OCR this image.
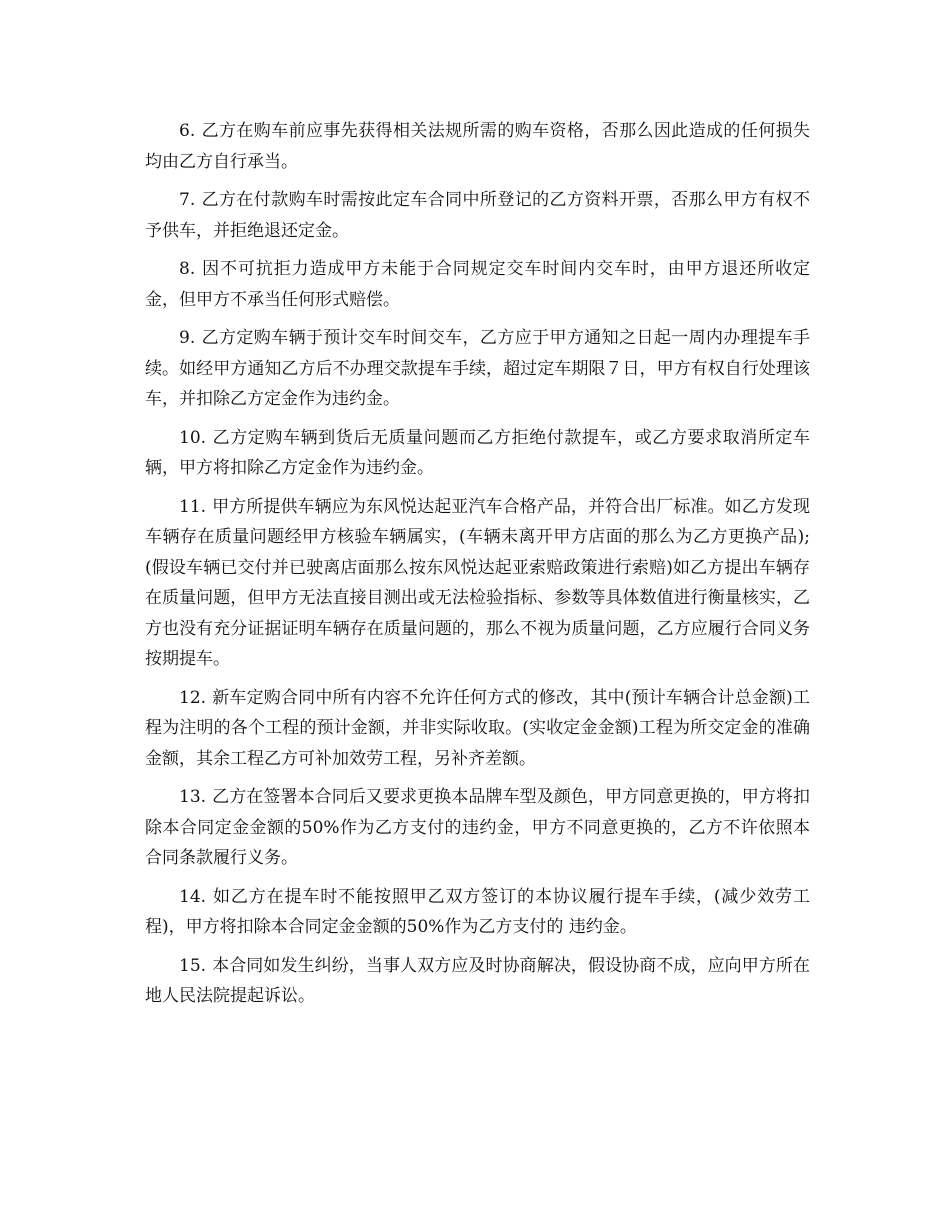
6. 乙方在购车前应事先获得相关法规所需的购车资格，否那么因此造成的任何损失均由乙方自行承当。

7. 乙方在付款购车时需按此定车合同中所登记的乙方资料开票，否那么甲方有权不予供车，并拒绝退还定金。

8. 因不可抗拒力造成甲方未能于合同规定交车时间内交车时，由甲方退还所收定金，但甲方不承当任何形式赔偿。

9. 乙方定购车辆于预计交车时间交车，乙方应于甲方通知之日起一周内办理提车手续。如经甲方通知乙方后不办理交款提车手续，超过定车期限７日，甲方有权自行处理该车，并扣除乙方定金作为违约金。

10. 乙方定购车辆到货后无质量问题而乙方拒绝付款提车，或乙方要求取消所定车辆，甲方将扣除乙方定金作为违约金。

11. 甲方所提供车辆应为东风悦达起亚汽车合格产品，并符合出厂标准。如乙方发现车辆存在质量问题经甲方核验车辆属实，(车辆未离开甲方店面的那么为乙方更换产品);(假设车辆已交付并已驶离店面那么按东风悦达起亚索赔政策进行索赔)如乙方提出车辆存在质量问题，但甲方无法直接目测出或无法检验指标、参数等具体数值进行衡量核实，乙方也没有充分证据证明车辆存在质量问题的，那么不视为质量问题，乙方应履行合同义务按期提车。

12. 新车定购合同中所有内容不允许任何方式的修改，其中(预计车辆合计总金额)工程为注明的各个工程的预计金额，并非实际收取。(实收定金金额)工程为所交定金的准确金额，其余工程乙方可补加效劳工程，另补齐差额。

13. 乙方在签署本合同后又要求更换本品牌车型及颜色，甲方同意更换的，甲方将扣除本合同定金金额的50%作为乙方支付的违约金，甲方不同意更换的，乙方不许依照本合同条款履行义务。

14. 如乙方在提车时不能按照甲乙双方签订的本协议履行提车手续，(减少效劳工程)，甲方将扣除本合同定金金额的50%作为乙方支付的 违约金。

15. 本合同如发生纠纷，当事人双方应及时协商解决，假设协商不成，应向甲方所在地人民法院提起诉讼。
